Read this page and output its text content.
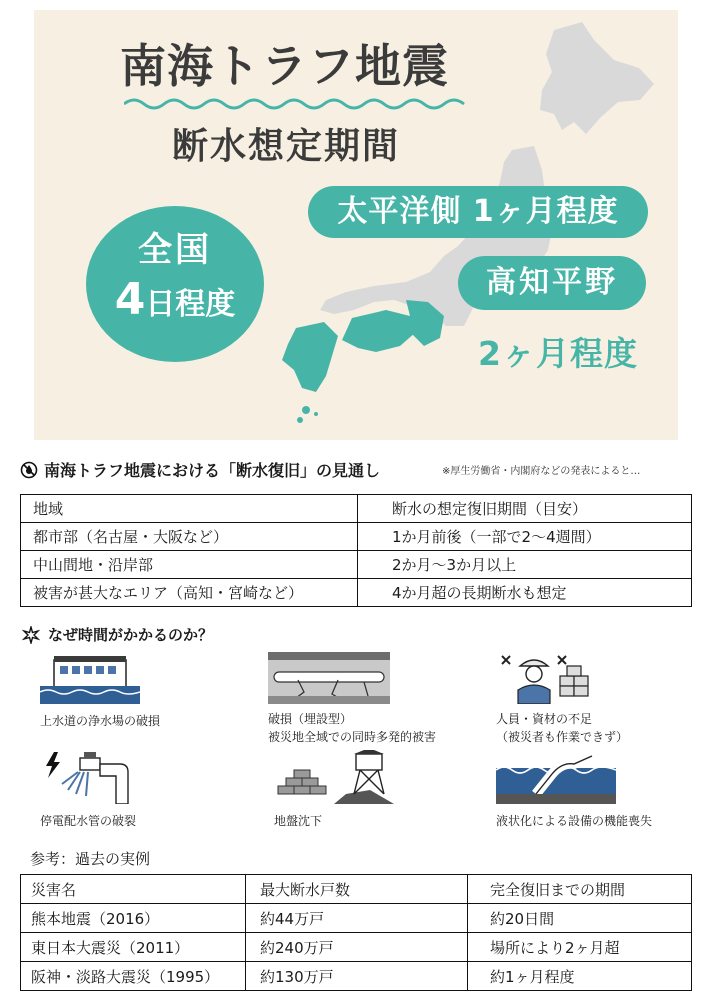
南海トラフ地震
断水想定期間
全国
4日程度
太平洋側 1ヶ月程度
高知平野
2ヶ月程度
南海トラフ地震における「断水復旧」の見通し	※厚生労働省・内閣府などの発表によると…
地域	断水の想定復旧期間（目安）
都市部（名古屋・大阪など）	1か月前後（一部で2〜4週間）
中山間地・沿岸部	2か月〜3か月以上
被害が甚大なエリア（高知・宮崎など）	4か月超の長期断水も想定
なぜ時間がかかるのか？
上水道の浄水場の破損	破損（埋設型）
被災地全域での同時多発的被害
人員・資材の不足
（被災者も作業できず）
停電配水管の破裂	地盤沈下	液状化による設備の機能喪失
参考：過去の実例
災害名	最大断水戸数	完全復旧までの期間
熊本地震（2016）	約44万戸	約20日間
東日本大震災（2011）	約240万戸	場所により2ヶ月超
阪神・淡路大震災（1995）	約130万戸	約1ヶ月程度
